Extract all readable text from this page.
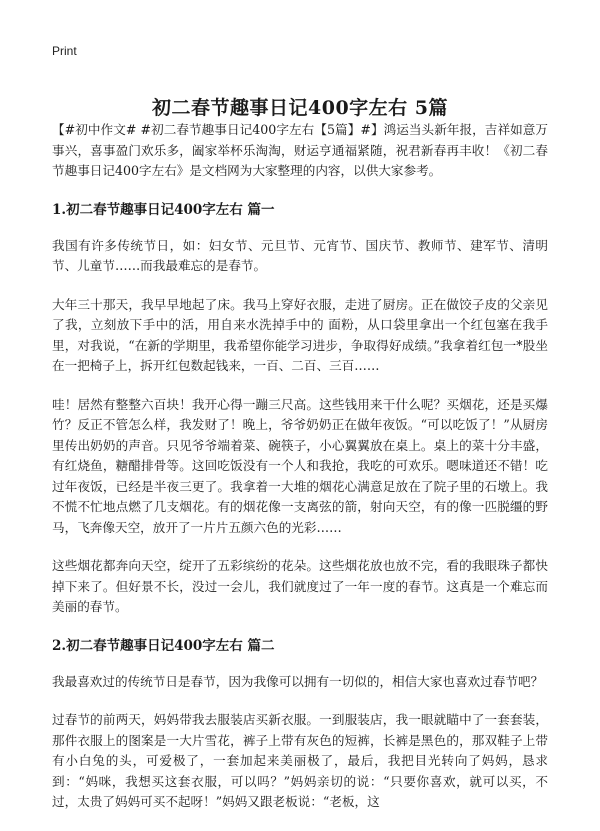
Print
初二春节趣事日记400字左右 5篇

【#初中作文# #初二春节趣事日记400字左右【5篇】#】鸿运当头新年报，吉祥如意万事兴，喜事盈门欢乐多，阖家举杯乐淘淘，财运亨通福紧随，祝君新春再丰收！《初二春节趣事日记400字左右》是文档网为大家整理的内容，以供大家参考。

1.初二春节趣事日记400字左右 篇一

我国有许多传统节日，如：妇女节、元旦节、元宵节、国庆节、教师节、建军节、清明节、儿童节……而我最难忘的是春节。

大年三十那天，我早早地起了床。我马上穿好衣服，走进了厨房。正在做饺子皮的父亲见了我，立刻放下手中的活，用自来水洗掉手中的 面粉，从口袋里拿出一个红包塞在我手里，对我说，“在新的学期里，我希望你能学习进步，争取得好成绩。”我拿着红包一*股坐在一把椅子上，拆开红包数起钱来，一百、二百、三百……

哇！居然有整整六百块！我开心得一蹦三尺高。这些钱用来干什么呢？买烟花，还是买爆竹？反正不管怎么样，我发财了！晚上，爷爷奶奶正在做年夜饭。“可以吃饭了！”从厨房里传出奶奶的声音。只见爷爷端着菜、碗筷子，小心翼翼放在桌上。桌上的菜十分丰盛，有红烧鱼，糖醋排骨等。这回吃饭没有一个人和我抢，我吃的可欢乐。嗯味道还不错！吃过年夜饭，已经是半夜三更了。我拿着一大堆的烟花心满意足放在了院子里的石墩上。我不慌不忙地点燃了几支烟花。有的烟花像一支离弦的箭，射向天空，有的像一匹脱缰的野马，飞奔像天空，放开了一片片五颜六色的光彩……

这些烟花都奔向天空，绽开了五彩缤纷的花朵。这些烟花放也放不完，看的我眼珠子都快掉下来了。但好景不长，没过一会儿，我们就度过了一年一度的春节。这真是一个难忘而美丽的春节。

2.初二春节趣事日记400字左右 篇二

我最喜欢过的传统节日是春节，因为我像可以拥有一切似的，相信大家也喜欢过春节吧？

过春节的前两天，妈妈带我去服装店买新衣服。一到服装店，我一眼就瞄中了一套套装，那件衣服上的图案是一大片雪花，裤子上带有灰色的短裤，长裤是黑色的，那双鞋子上带有小白兔的头，可爱极了，一套加起来美丽极了，最后，我把目光转向了妈妈，恳求到：“妈咪，我想买这套衣服，可以吗？”妈妈亲切的说：“只要你喜欢，就可以买，不过，太贵了妈妈可买不起呀！”妈妈又跟老板说：“老板，这
